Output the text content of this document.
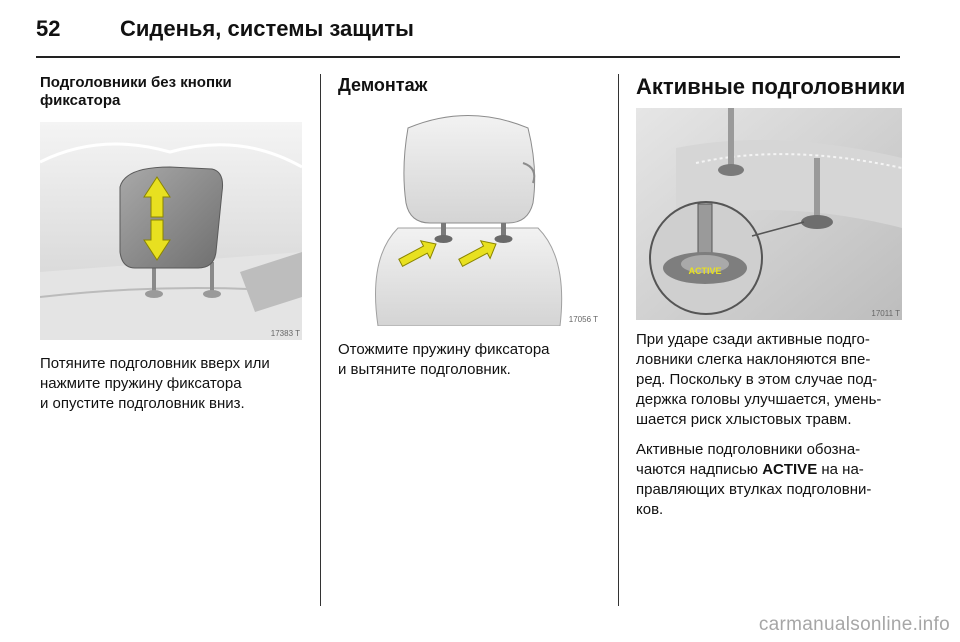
52	Сиденья, системы защиты

Подголовники без кнопки
фиксатора

17383 T

Потяните подголовник вверх или
нажмите пружину фиксатора
и опустите подголовник вниз.

Демонтаж

17056 T

Отожмите пружину фиксатора
и вытяните подголовник.

Активные подголовники

ACTIVE
17011 T

При ударе сзади активные подго-
ловники слегка наклоняются впе-
ред. Поскольку в этом случае под-
держка головы улучшается, умень-
шается риск хлыстовых травм.

Активные подголовники обозна-
чаются надписью ACTIVE на на-
правляющих втулках подголовни-
ков.

carmanualsonline.info
